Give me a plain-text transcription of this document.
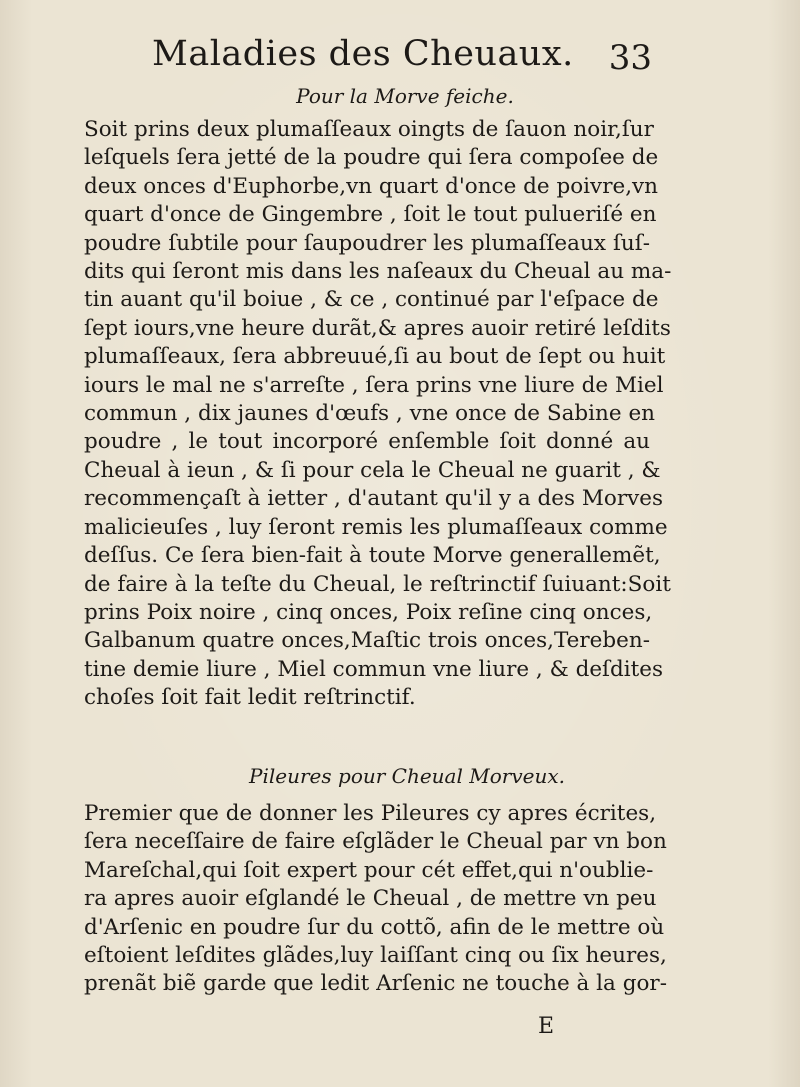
Maladies des Cheuaux. 33
Pour la Morve feiche.
Soit prins deux plumaſſeaux oingts de ſauon noir,ſur
leſquels ſera jetté de la poudre qui ſera compoſee de
deux onces d'Euphorbe,vn quart d'once de poivre,vn
quart d'once de Gingembre , ſoit le tout pulueriſé en
poudre ſubtile pour ſaupoudrer les plumaſſeaux ſuſ-
dits qui ſeront mis dans les naſeaux du Cheual au ma-
tin auant qu'il boiue , & ce , continué par l'eſpace de
ſept iours,vne heure durãt,& apres auoir retiré leſdits
plumaſſeaux, ſera abbreuué,ſi au bout de ſept ou huit
iours le mal ne s'arreſte , ſera prins vne liure de Miel
commun , dix jaunes d'œufs , vne once de Sabine en
poudre , le tout incorporé enſemble ſoit donné au
Cheual à ieun , & ſi pour cela le Cheual ne guarit , &
recommençaſt à ietter , d'autant qu'il y a des Morves
malicieuſes , luy ſeront remis les plumaſſeaux comme
deſſus. Ce ſera bien-fait à toute Morve generallemẽt,
de faire à la teſte du Cheual, le reſtrinctif ſuiuant:Soit
prins Poix noire , cinq onces, Poix reſine cinq onces,
Galbanum quatre onces,Maſtic trois onces,Tereben-
tine demie liure , Miel commun vne liure , & deſdites
choſes ſoit fait ledit reſtrinctif.
Pileures pour Cheual Morveux.
Premier que de donner les Pileures cy apres écrites,
ſera neceſſaire de faire eſglãder le Cheual par vn bon
Mareſchal,qui ſoit expert pour cét effet,qui n'oublie-
ra apres auoir eſglandé le Cheual , de mettre vn peu
d'Arſenic en poudre ſur du cottõ, afin de le mettre où
eſtoient leſdites glãdes,luy laiſſant cinq ou ſix heures,
prenãt biẽ garde que ledit Arſenic ne touche à la gor-
E
